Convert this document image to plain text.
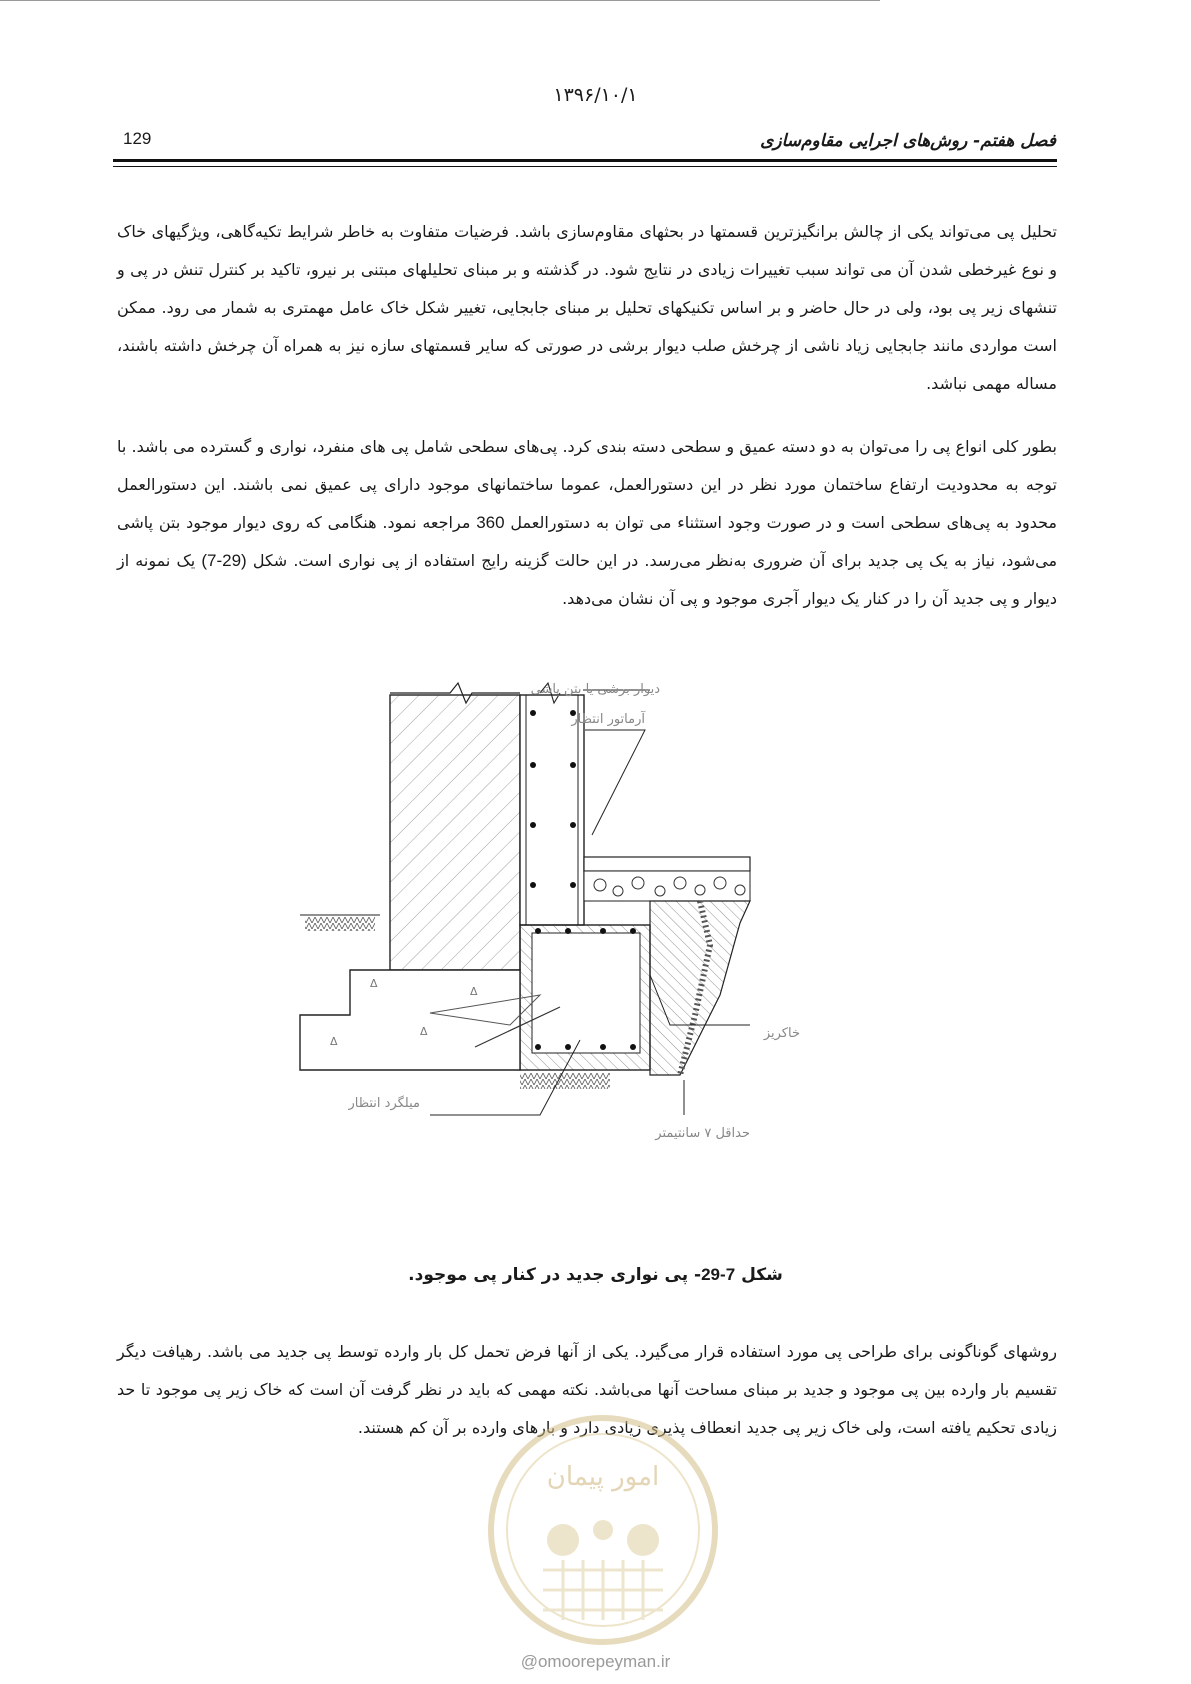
۱۳۹۶/۱۰/۱
129	فصل هفتم- روش‌های اجرایی مقاوم‌سازی

تحلیل پی می‌تواند یکی از چالش برانگیزترین قسمتها در بحثهای مقاوم‌سازی باشد. فرضیات متفاوت به خاطر شرایط تکیه‌گاهی، ویژگیهای خاک و نوع غیرخطی شدن آن می تواند سبب تغییرات زیادی در نتایج شود. در گذشته و بر مبنای تحلیلهای مبتنی بر نیرو، تاکید بر کنترل تنش در پی و تنشهای زیر پی بود، ولی در حال حاضر و بر اساس تکنیکهای تحلیل بر مبنای جابجایی، تغییر شکل خاک عامل مهمتری به شمار می رود. ممکن است مواردی مانند جابجایی زیاد ناشی از چرخش صلب دیوار برشی در صورتی که سایر قسمتهای سازه نیز به همراه آن چرخش داشته باشند، مساله مهمی نباشد.

بطور کلی انواع پی را می‌توان به دو دسته عمیق و سطحی دسته بندی کرد. پی‌های سطحی شامل پی های منفرد، نواری و گسترده می باشد. با توجه به محدودیت ارتفاع ساختمان مورد نظر در این دستورالعمل، عموما ساختمانهای موجود دارای پی عمیق نمی باشند. این دستورالعمل محدود به پی‌های سطحی است و در صورت وجود استثناء می توان به دستورالعمل 360 مراجعه نمود. هنگامی که روی دیوار موجود بتن پاشی می‌شود، نیاز به یک پی جدید برای آن ضروری به‌نظر می‌رسد. در این حالت گزینه رایج استفاده از پی نواری است. شکل (7-29) یک نمونه از دیوار و پی جدید آن را در کنار یک دیوار آجری موجود و پی آن نشان می‌دهد.

Δ
Δ
Δ
Δ
دیوار برشی یا بتن پاشی
آرماتور انتظار
خاکریز
میلگرد انتظار
حداقل ۷ سانتیمتر
شکل 7-29- پی نواری جدید در کنار پی موجود.

روشهای گوناگونی برای طراحی پی مورد استفاده قرار می‌گیرد. یکی از آنها فرض تحمل کل بار وارده توسط پی جدید می باشد. رهیافت دیگر تقسیم بار وارده بین پی موجود و جدید بر مبنای مساحت آنها می‌باشد. نکته مهمی که باید در نظر گرفت آن است که خاک زیر پی موجود تا حد زیادی تحکیم یافته است، ولی خاک زیر پی جدید انعطاف پذیری زیادی دارد و بارهای وارده بر آن کم هستند.

امور پیمان
@omoorepeyman.ir
